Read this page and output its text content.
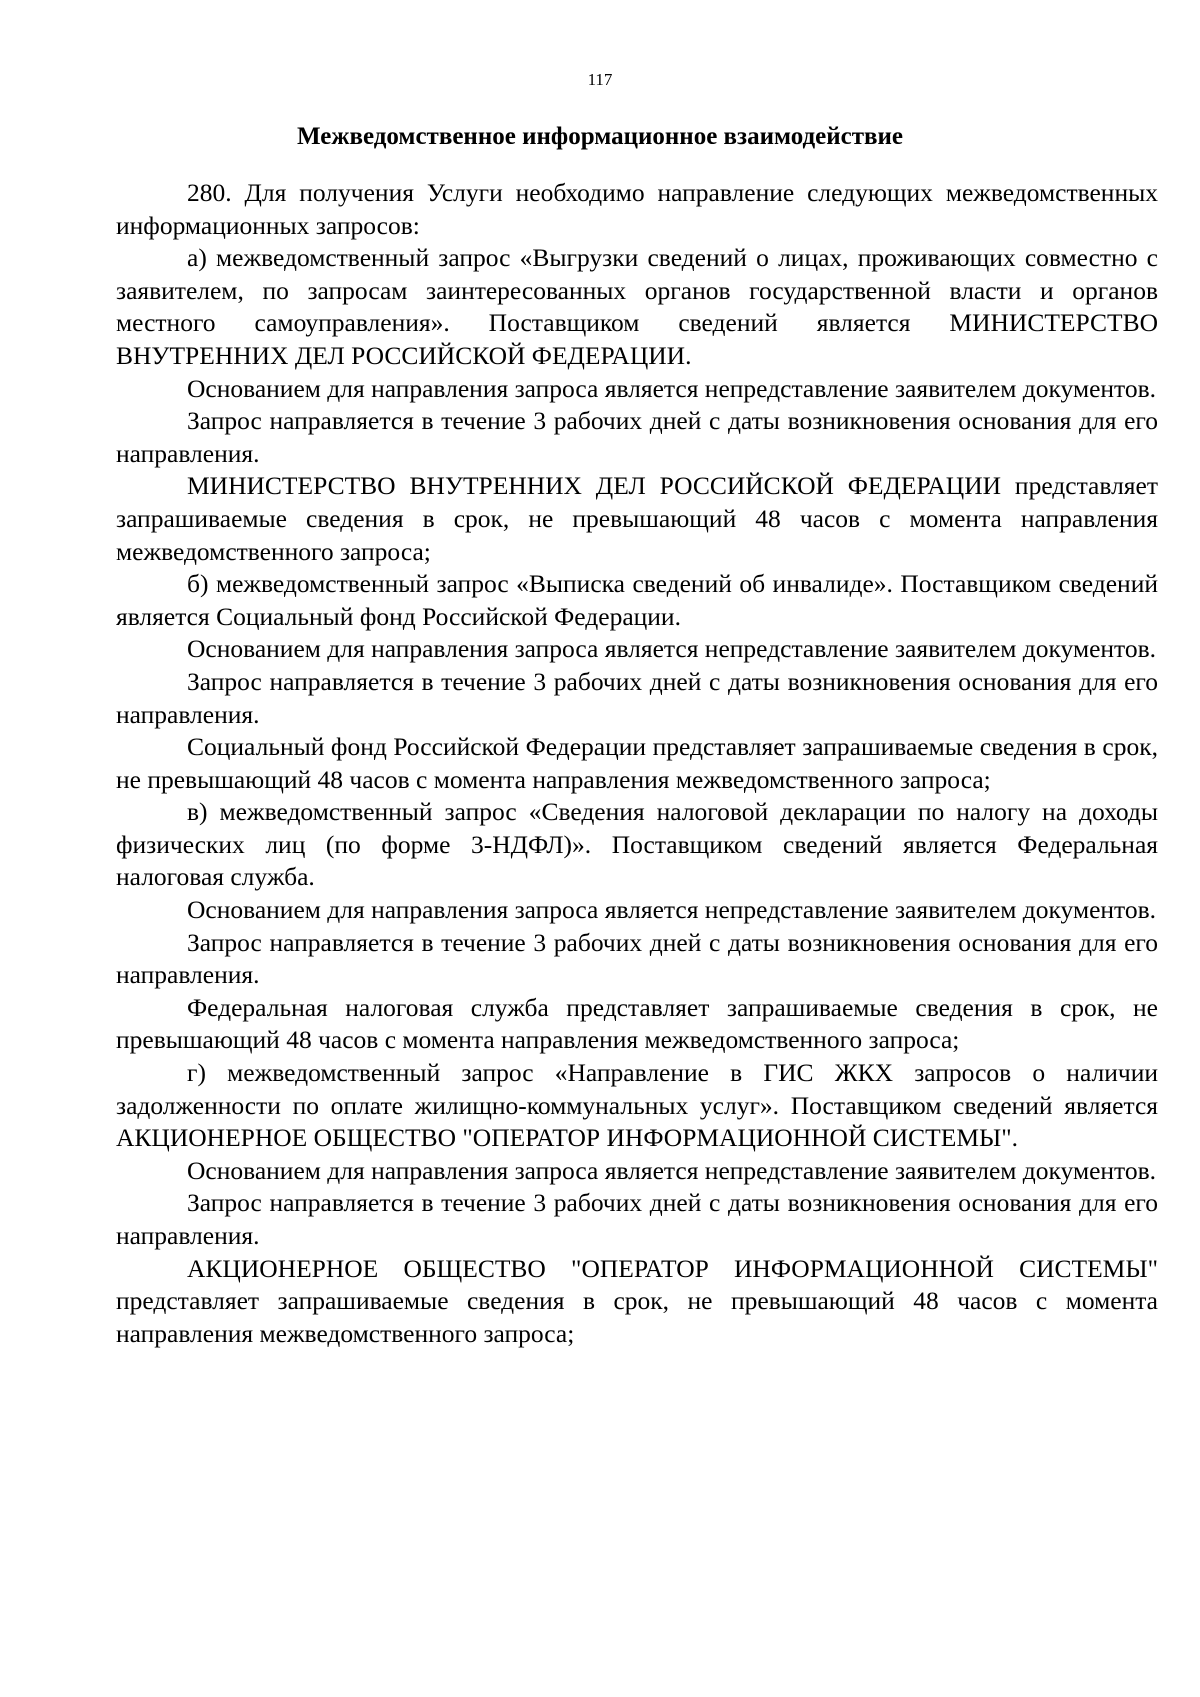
117
Межведомственное информационное взаимодействие

280. Для получения Услуги необходимо направление следующих межведомственных информационных запросов:

а) межведомственный запрос «Выгрузки сведений о лицах, проживающих совместно с заявителем, по запросам заинтересованных органов государственной власти и органов местного самоуправления». Поставщиком сведений является МИНИСТЕРСТВО ВНУТРЕННИХ ДЕЛ РОССИЙСКОЙ ФЕДЕРАЦИИ.

Основанием для направления запроса является непредставление заявителем документов.

Запрос направляется в течение 3 рабочих дней с даты возникновения основания для его направления.

МИНИСТЕРСТВО ВНУТРЕННИХ ДЕЛ РОССИЙСКОЙ ФЕДЕРАЦИИ представляет запрашиваемые сведения в срок, не превышающий 48 часов с момента направления межведомственного запроса;

б) межведомственный запрос «Выписка сведений об инвалиде». Поставщиком сведений является Социальный фонд Российской Федерации.

Основанием для направления запроса является непредставление заявителем документов.

Запрос направляется в течение 3 рабочих дней с даты возникновения основания для его направления.

Социальный фонд Российской Федерации представляет запрашиваемые сведения в срок, не превышающий 48 часов с момента направления межведомственного запроса;

в) межведомственный запрос «Сведения налоговой декларации по налогу на доходы физических лиц (по форме 3-НДФЛ)». Поставщиком сведений является Федеральная налоговая служба.

Основанием для направления запроса является непредставление заявителем документов.

Запрос направляется в течение 3 рабочих дней с даты возникновения основания для его направления.

Федеральная налоговая служба представляет запрашиваемые сведения в срок, не превышающий 48 часов с момента направления межведомственного запроса;

г) межведомственный запрос «Направление в ГИС ЖКХ запросов о наличии задолженности по оплате жилищно-коммунальных услуг». Поставщиком сведений является АКЦИОНЕРНОЕ ОБЩЕСТВО "ОПЕРАТОР ИНФОРМАЦИОННОЙ СИСТЕМЫ".

Основанием для направления запроса является непредставление заявителем документов.

Запрос направляется в течение 3 рабочих дней с даты возникновения основания для его направления.

АКЦИОНЕРНОЕ ОБЩЕСТВО "ОПЕРАТОР ИНФОРМАЦИОННОЙ СИСТЕМЫ" представляет запрашиваемые сведения в срок, не превышающий 48 часов с момента направления межведомственного запроса;
